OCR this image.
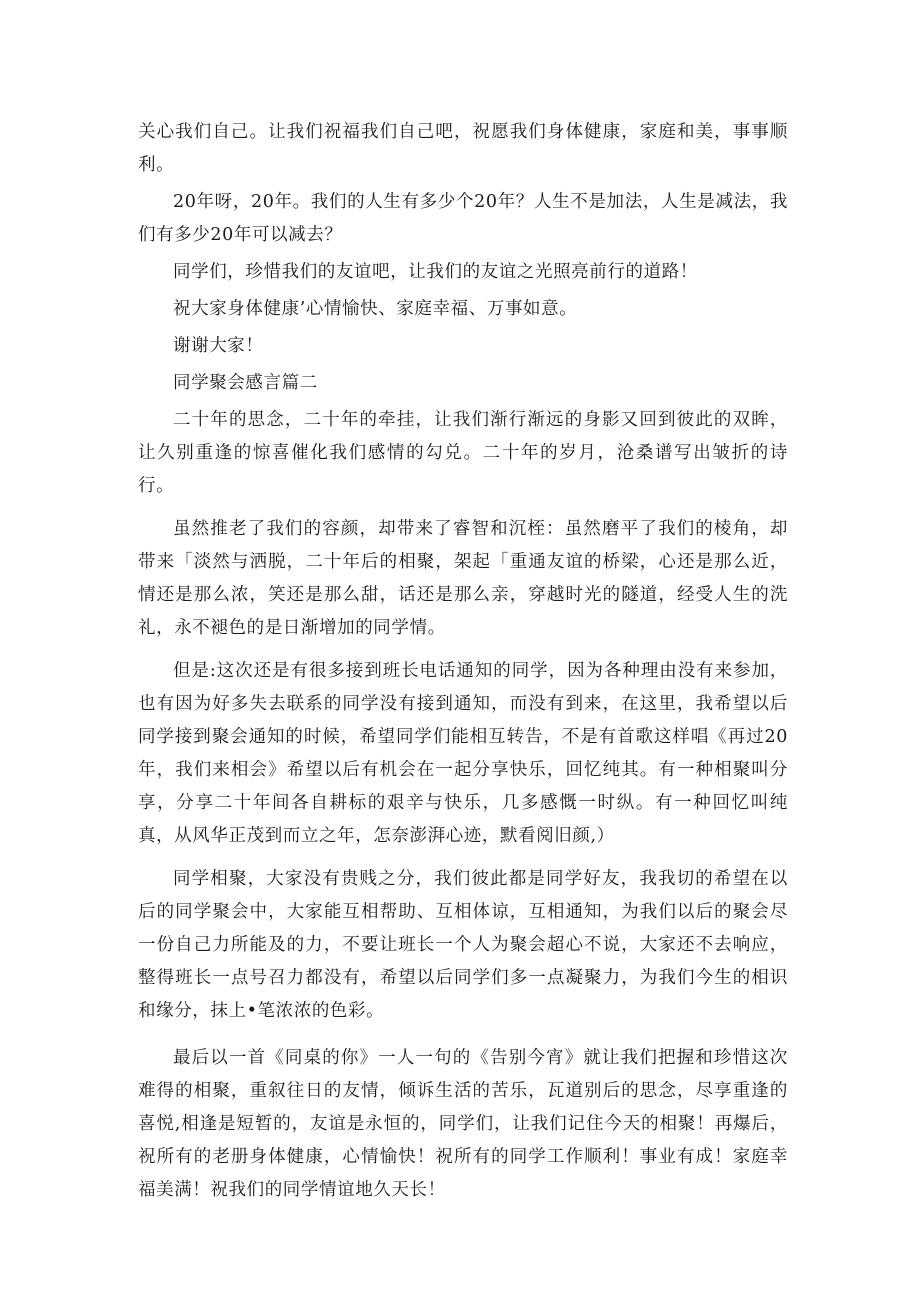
关心我们自己。让我们祝福我们自己吧，祝愿我们身体健康，家庭和美，事事顺利。

20年呀，20年。我们的人生有多少个20年？人生不是加法，人生是减法，我们有多少20年可以减去？

同学们，珍惜我们的友谊吧，让我们的友谊之光照亮前行的道路！

祝大家身体健康’心情愉快、家庭幸福、万事如意。

谢谢大家！

同学聚会感言篇二

二十年的思念，二十年的牵挂，让我们渐行渐远的身影又回到彼此的双眸，让久别重逢的惊喜催化我们感情的勾兑。二十年的岁月，沧桑谱写出皱折的诗行。

虽然推老了我们的容颜，却带来了睿智和沉桎：虽然磨平了我们的棱角，却带来「淡然与洒脱，二十年后的相聚，架起「重通友谊的桥梁，心还是那么近，情还是那么浓，笑还是那么甜，话还是那么亲，穿越时光的隧道，经受人生的洗礼，永不褪色的是日渐增加的同学情。

但是:这次还是有很多接到班长电话通知的同学，因为各种理由没有来参加，也有因为好多失去联系的同学没有接到通知，而没有到来，在这里，我希望以后同学接到聚会通知的时候，希望同学们能相互转告，不是有首歌这样唱《再过20年，我们来相会》希望以后有机会在一起分享快乐，回忆纯其。有一种相聚叫分享，分享二十年间各自耕标的艰辛与快乐，几多感慨一时纵。有一种回忆叫纯真，从风华正茂到而立之年，怎奈澎湃心迹，默看阅旧颜,）

同学相聚，大家没有贵贱之分，我们彼此都是同学好友，我我切的希望在以后的同学聚会中，大家能互相帮助、互相体谅，互相通知，为我们以后的聚会尽一份自己力所能及的力，不要让班长一个人为聚会超心不说，大家还不去响应，整得班长一点号召力都没有，希望以后同学们多一点凝聚力，为我们今生的相识和缘分，抹上•笔浓浓的色彩。

最后以一首《同桌的你》一人一句的《告别今宵》就让我们把握和珍惜这次难得的相聚，重叙往日的友情，倾诉生活的苦乐，瓦道别后的思念，尽享重逢的喜悦,相逢是短暂的，友谊是永恒的，同学们，让我们记住今天的相聚！再爆后，祝所有的老册身体健康，心情愉快！祝所有的同学工作顺利！事业有成！家庭幸福美满！祝我们的同学情谊地久天长！
